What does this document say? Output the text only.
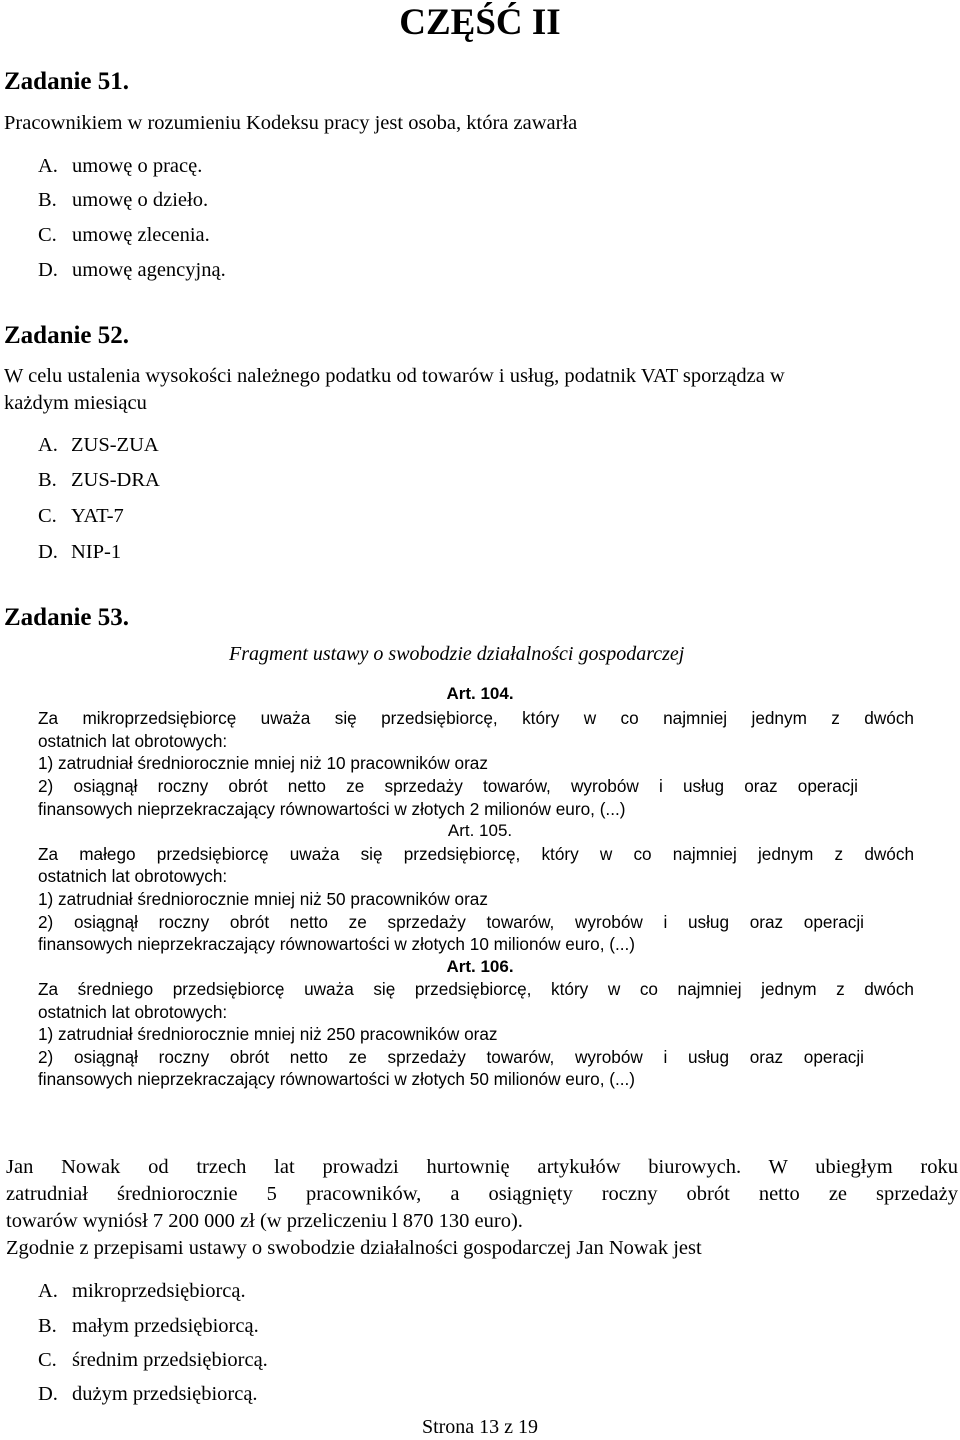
CZĘŚĆ II
Zadanie 51.
Pracownikiem w rozumieniu Kodeksu pracy jest osoba, która zawarła
A. umowę o pracę.
B. umowę o dzieło.
C. umowę zlecenia.
D. umowę agencyjną.
Zadanie 52.
W celu ustalenia wysokości należnego podatku od towarów i usług, podatnik VAT sporządza w
każdym miesiącu
A. ZUS-ZUA
B. ZUS-DRA
C. YAT-7
D. NIP-1
Zadanie 53.
Fragment ustawy o swobodzie działalności gospodarczej
Art. 104.
Za mikroprzedsiębiorcę uważa się przedsiębiorcę, który w co najmniej jednym z dwóch
ostatnich lat obrotowych:
1) zatrudniał średniorocznie mniej niż 10 pracowników oraz
2) osiągnął roczny obrót netto ze sprzedaży towarów, wyrobów i usług oraz operacji
finansowych nieprzekraczający równowartości w złotych 2 milionów euro, (...)
Art. 105.
Za małego przedsiębiorcę uważa się przedsiębiorcę, który w co najmniej jednym z dwóch
ostatnich lat obrotowych:
1) zatrudniał średniorocznie mniej niż 50 pracowników oraz
2) osiągnął roczny obrót netto ze sprzedaży towarów, wyrobów i usług oraz operacji
finansowych nieprzekraczający równowartości w złotych 10 milionów euro, (...)
Art. 106.
Za średniego przedsiębiorcę uważa się przedsiębiorcę, który w co najmniej jednym z dwóch
ostatnich lat obrotowych:
1) zatrudniał średniorocznie mniej niż 250 pracowników oraz
2) osiągnął roczny obrót netto ze sprzedaży towarów, wyrobów i usług oraz operacji
finansowych nieprzekraczający równowartości w złotych 50 milionów euro, (...)
Jan Nowak od trzech lat prowadzi hurtownię artykułów biurowych. W ubiegłym roku
zatrudniał średniorocznie 5 pracowników, a osiągnięty roczny obrót netto ze sprzedaży
towarów wyniósł 7 200 000 zł (w przeliczeniu l 870 130 euro).
Zgodnie z przepisami ustawy o swobodzie działalności gospodarczej Jan Nowak jest
A. mikroprzedsiębiorcą.
B. małym przedsiębiorcą.
C. średnim przedsiębiorcą.
D. dużym przedsiębiorcą.
Strona 13 z 19
